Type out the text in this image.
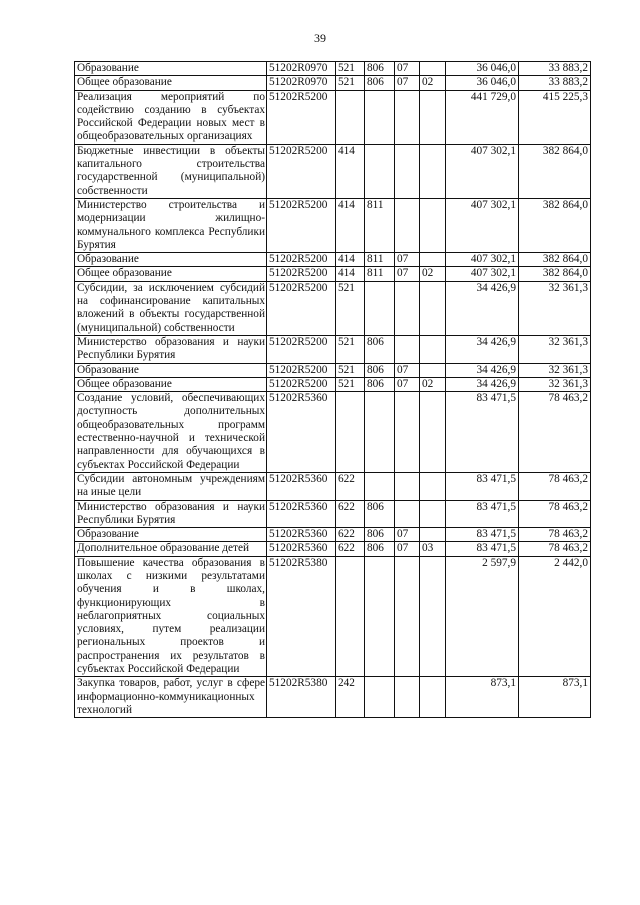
39
Образование	51202R0970	521	806	07		36 046,0	33 883,2
Общее образование	51202R0970	521	806	07	02	36 046,0	33 883,2
Реализация мероприятий по содействию созданию в субъектах Российской Федерации новых мест в общеобразовательных организациях	51202R5200					441 729,0	415 225,3
Бюджетные инвестиции в объекты капитального строительства государственной (муниципальной) собственности	51202R5200	414				407 302,1	382 864,0
Министерство строительства и модернизации жилищно-коммунального комплекса Республики Бурятия	51202R5200	414	811			407 302,1	382 864,0
Образование	51202R5200	414	811	07		407 302,1	382 864,0
Общее образование	51202R5200	414	811	07	02	407 302,1	382 864,0
Субсидии, за исключением субсидий на софинансирование капитальных вложений в объекты государственной (муниципальной) собственности	51202R5200	521				34 426,9	32 361,3
Министерство образования и науки Республики Бурятия	51202R5200	521	806			34 426,9	32 361,3
Образование	51202R5200	521	806	07		34 426,9	32 361,3
Общее образование	51202R5200	521	806	07	02	34 426,9	32 361,3
Создание условий, обеспечивающих доступность дополнительных общеобразовательных программ естественно-научной и технической направленности для обучающихся в субъектах Российской Федерации	51202R5360					83 471,5	78 463,2
Субсидии автономным учреждениям на иные цели	51202R5360	622				83 471,5	78 463,2
Министерство образования и науки Республики Бурятия	51202R5360	622	806			83 471,5	78 463,2
Образование	51202R5360	622	806	07		83 471,5	78 463,2
Дополнительное образование детей	51202R5360	622	806	07	03	83 471,5	78 463,2
Повышение качества образования в школах с низкими результатами обучения и в школах, функционирующих в неблагоприятных социальных условиях, путем реализации региональных проектов и распространения их результатов в субъектах Российской Федерации	51202R5380					2 597,9	2 442,0
Закупка товаров, работ, услуг в сфере информационно-коммуникационных технологий	51202R5380	242				873,1	873,1
